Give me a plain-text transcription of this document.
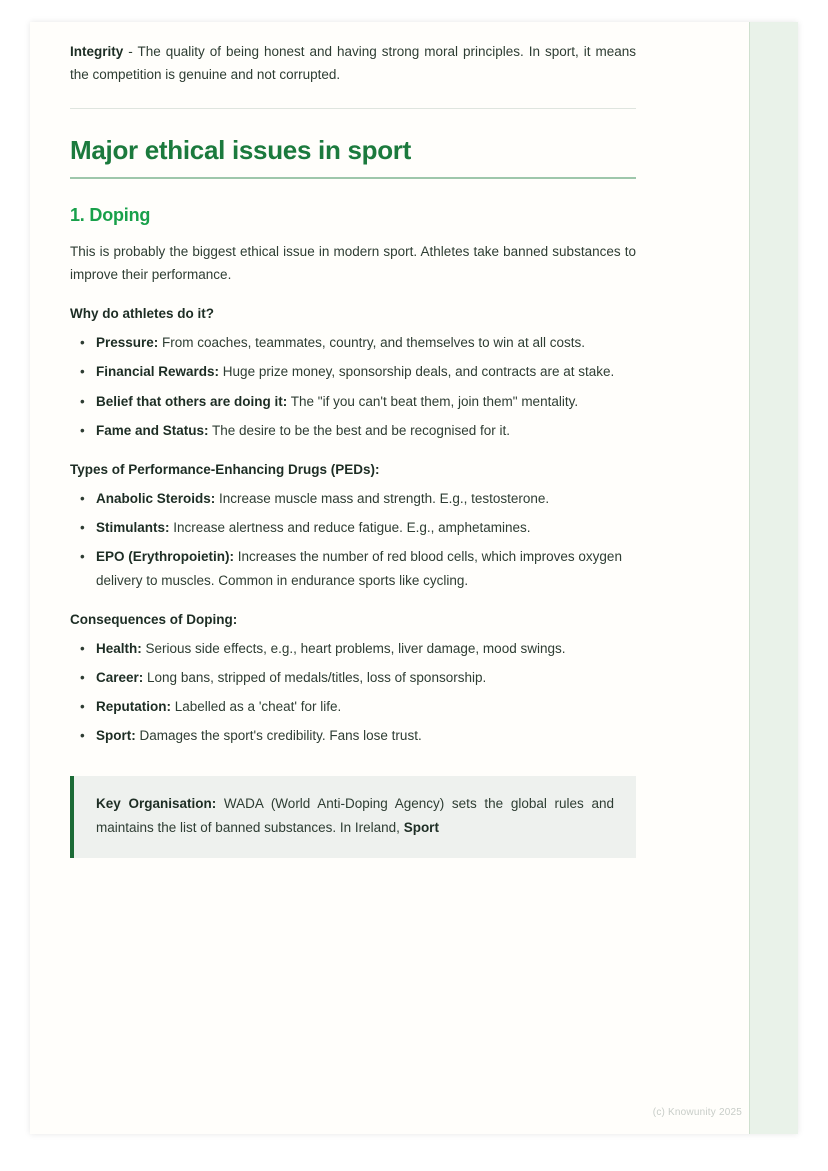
Integrity - The quality of being honest and having strong moral principles. In sport, it means the competition is genuine and not corrupted.

Major ethical issues in sport
1. Doping

This is probably the biggest ethical issue in modern sport. Athletes take banned substances to improve their performance.

Why do athletes do it?
• Pressure: From coaches, teammates, country, and themselves to win at all costs.
• Financial Rewards: Huge prize money, sponsorship deals, and contracts are at stake.
• Belief that others are doing it: The "if you can't beat them, join them" mentality.
• Fame and Status: The desire to be the best and be recognised for it.
Types of Performance-Enhancing Drugs (PEDs):
• Anabolic Steroids: Increase muscle mass and strength. E.g., testosterone.
• Stimulants: Increase alertness and reduce fatigue. E.g., amphetamines.
• EPO (Erythropoietin): Increases the number of red blood cells, which improves oxygen delivery to muscles. Common in endurance sports like cycling.
Consequences of Doping:
• Health: Serious side effects, e.g., heart problems, liver damage, mood swings.
• Career: Long bans, stripped of medals/titles, loss of sponsorship.
• Reputation: Labelled as a 'cheat' for life.
• Sport: Damages the sport's credibility. Fans lose trust.
Key Organisation: WADA (World Anti-Doping Agency) sets the global rules and maintains the list of banned substances. In Ireland, Sport
(c) Knowunity 2025
